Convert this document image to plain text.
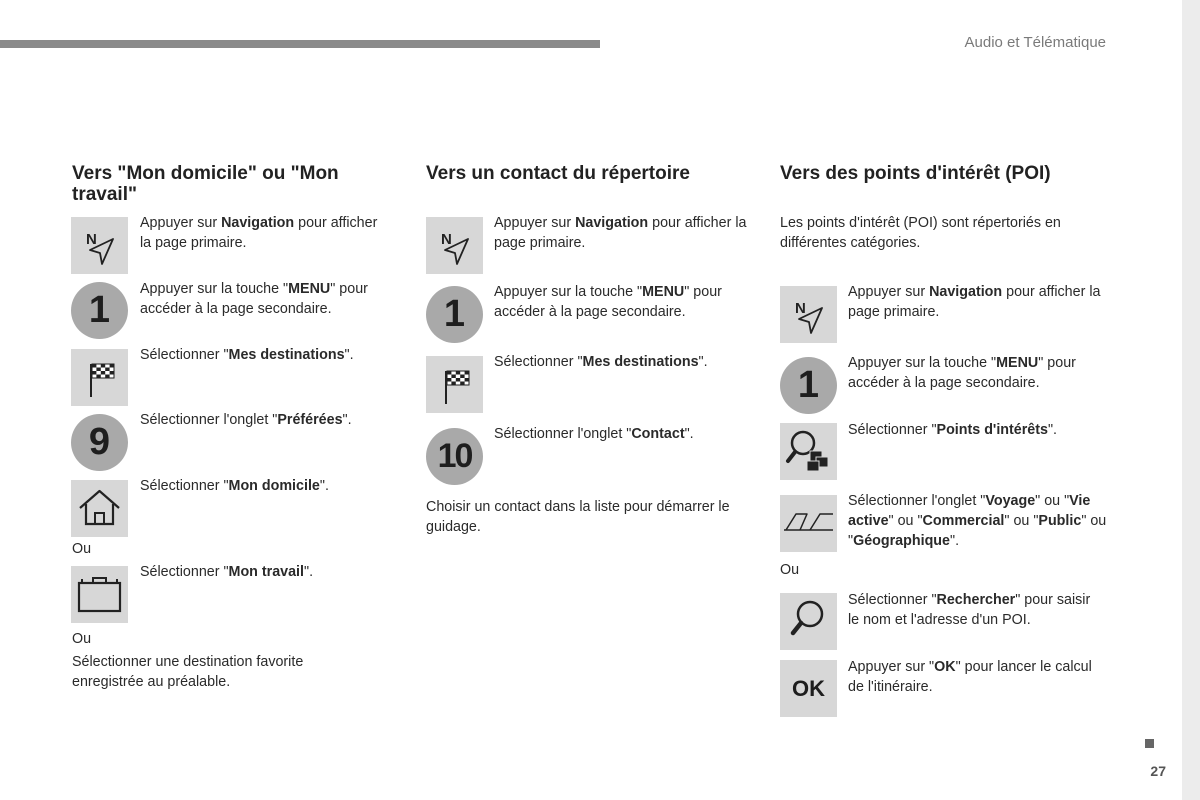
Audio et Télématique
27
Vers "Mon domicile" ou "Mon travail"
N
Appuyer sur Navigation pour afficher la page primaire.
1	Appuyer sur la touche "MENU" pour accéder à la page secondaire.
Sélectionner "Mes destinations".
9
Sélectionner l'onglet "Préférées".
Sélectionner "Mon domicile".
Ou
Sélectionner "Mon travail".
Ou
Sélectionner une destination favorite enregistrée au préalable.
Vers un contact du répertoire
N
Appuyer sur Navigation pour afficher la page primaire.
1
Appuyer sur la touche "MENU" pour accéder à la page secondaire.
Sélectionner "Mes destinations".
10
Sélectionner l'onglet "Contact".
Choisir un contact dans la liste pour démarrer le guidage.
Vers des points d'intérêt (POI)
Les points d'intérêt (POI) sont répertoriés en différentes catégories.
N
Appuyer sur Navigation pour afficher la page primaire.
1
Appuyer sur la touche "MENU" pour accéder à la page secondaire.
Sélectionner "Points d'intérêts".
Sélectionner l'onglet "Voyage" ou "Vie active" ou "Commercial" ou "Public" ou "Géographique".
Ou
Sélectionner "Rechercher" pour saisir le nom et l'adresse d'un POI.
OK
Appuyer sur "OK" pour lancer le calcul de l'itinéraire.
